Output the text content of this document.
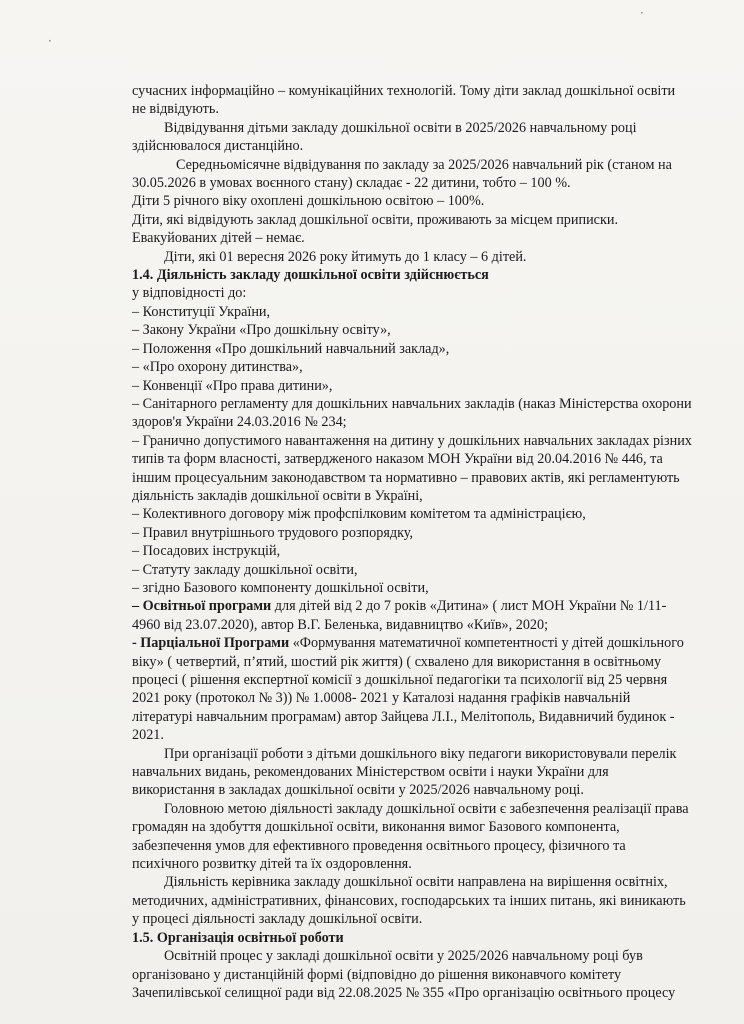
·
·

сучасних інформаційно – комунікаційних технологій. Тому діти заклад дошкільної освіти не відвідують.

Відвідування дітьми закладу дошкільної освіти в 2025/2026 навчальному році здійснювалося дистанційно.

Середньомісячне відвідування по закладу за 2025/2026 навчальний рік (станом на 30.05.2026 в умовах воєнного стану) складає - 22 дитини, тобто – 100 %.

Діти 5 річного віку охоплені дошкільною освітою – 100%.

Діти, які відвідують заклад дошкільної освіти, проживають за місцем приписки.

Евакуйованих дітей – немає.

Діти, які 01 вересня 2026 року йтимуть до 1 класу – 6 дітей.

1.4. Діяльність закладу дошкільної освіти здійснюється

у відповідності до:

– Конституції України,

– Закону України «Про дошкільну освіту»,

– Положення «Про дошкільний навчальний заклад»,

– «Про охорону дитинства»,

– Конвенції «Про права дитини»,

– Санітарного регламенту для дошкільних навчальних закладів (наказ Міністерства охорони здоров'я України 24.03.2016 № 234;

– Гранично допустимого навантаження на дитину у дошкільних навчальних закладах різних типів та форм власності, затвердженого наказом МОН України від 20.04.2016 № 446, та іншим процесуальним законодавством та нормативно – правових актів, які регламентують діяльність закладів дошкільної освіти в Україні,

– Колективного договору між профспілковим комітетом та адміністрацією,

– Правил внутрішнього трудового розпорядку,

– Посадових інструкцій,

– Статуту закладу дошкільної освіти,

– згідно Базового компоненту дошкільної освіти,

– Освітньої програми для дітей від 2 до 7 років «Дитина» ( лист МОН України № 1/11- 4960 від 23.07.2020), автор В.Г. Беленька, видавництво «Київ», 2020;

- Парціальної Програми «Формування математичної компетентності у дітей дошкільного віку» ( четвертий, п’ятий, шостий рік життя) ( схвалено для використання в освітньому процесі ( рішення експертної комісії з дошкільної педагогіки та психології від 25 червня 2021 року (протокол № 3)) № 1.0008- 2021 у Каталозі надання графіків навчальній літературі навчальним програмам) автор Зайцева Л.І., Мелітополь, Видавничий будинок - 2021.

При організації роботи з дітьми дошкільного віку педагоги використовували перелік навчальних видань, рекомендованих Міністерством освіти і науки України для використання в закладах дошкільної освіти у 2025/2026 навчальному році.

Головною метою діяльності закладу дошкільної освіти є забезпечення реалізації права громадян на здобуття дошкільної освіти, виконання вимог Базового компонента, забезпечення умов для ефективного проведення освітнього процесу, фізичного та психічного розвитку дітей та їх оздоровлення.

Діяльність керівника закладу дошкільної освіти направлена на вирішення освітніх, методичних, адміністративних, фінансових, господарських та інших питань, які виникають у процесі діяльності закладу дошкільної освіти.

1.5. Організація освітньої роботи

Освітній процес у закладі дошкільної освіти у 2025/2026 навчальному році був організовано у дистанційній формі (відповідно до рішення виконавчого комітету Зачепилівської селищної ради від 22.08.2025 № 355 «Про організацію освітнього процесу
